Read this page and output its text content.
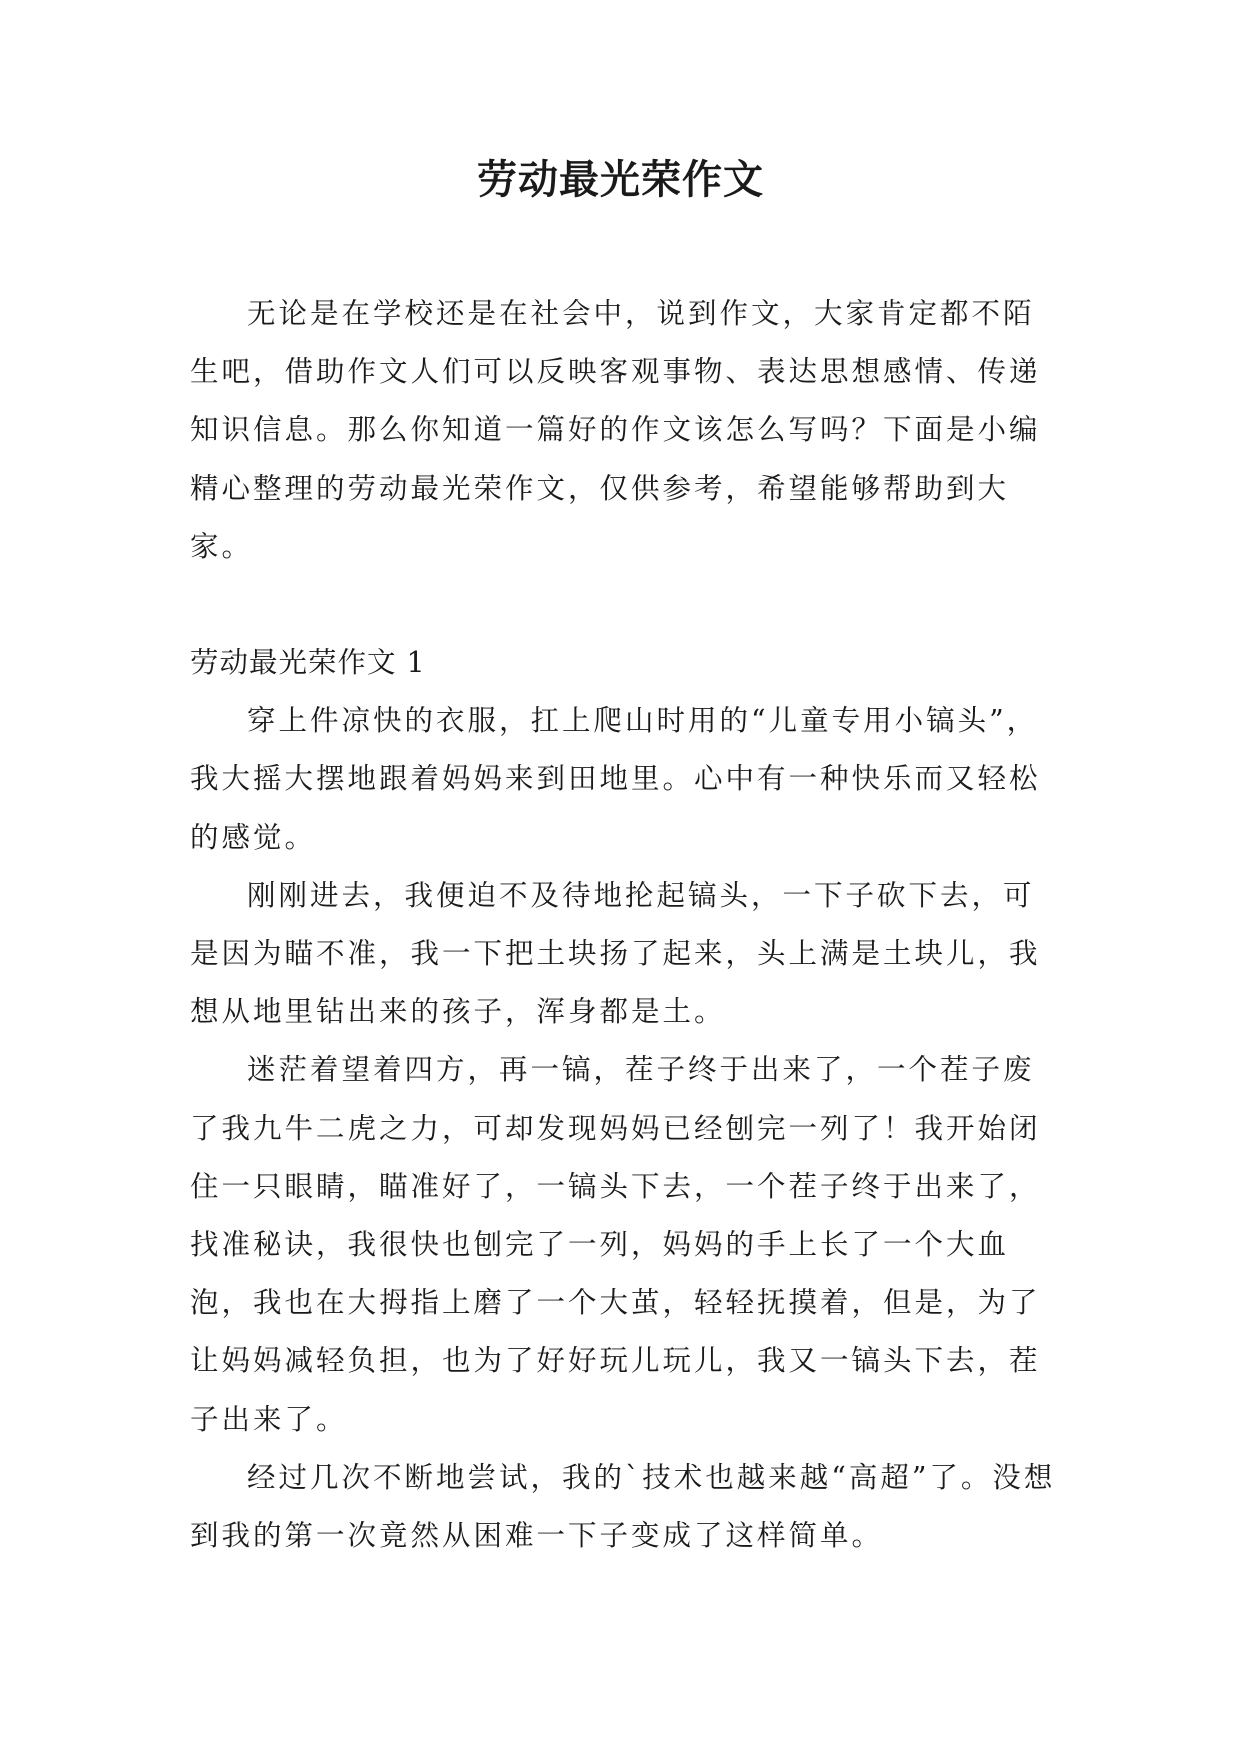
劳动最光荣作文

无论是在学校还是在社会中，说到作文，大家肯定都不陌生吧，借助作文人们可以反映客观事物、表达思想感情、传递知识信息。那么你知道一篇好的作文该怎么写吗？下面是小编精心整理的劳动最光荣作文，仅供参考，希望能够帮助到大家。

劳动最光荣作文 1

穿上件凉快的衣服，扛上爬山时用的“儿童专用小镐头”，我大摇大摆地跟着妈妈来到田地里。心中有一种快乐而又轻松的感觉。

刚刚进去，我便迫不及待地抡起镐头，一下子砍下去，可是因为瞄不准，我一下把土块扬了起来，头上满是土块儿，我想从地里钻出来的孩子，浑身都是土。

迷茫着望着四方，再一镐，茬子终于出来了，一个茬子废了我九牛二虎之力，可却发现妈妈已经刨完一列了！我开始闭住一只眼睛，瞄准好了，一镐头下去，一个茬子终于出来了，找准秘诀，我很快也刨完了一列，妈妈的手上长了一个大血泡，我也在大拇指上磨了一个大茧，轻轻抚摸着，但是，为了让妈妈减轻负担，也为了好好玩儿玩儿，我又一镐头下去，茬子出来了。

经过几次不断地尝试，我的`技术也越来越“高超”了。没想到我的第一次竟然从困难一下子变成了这样简单。
